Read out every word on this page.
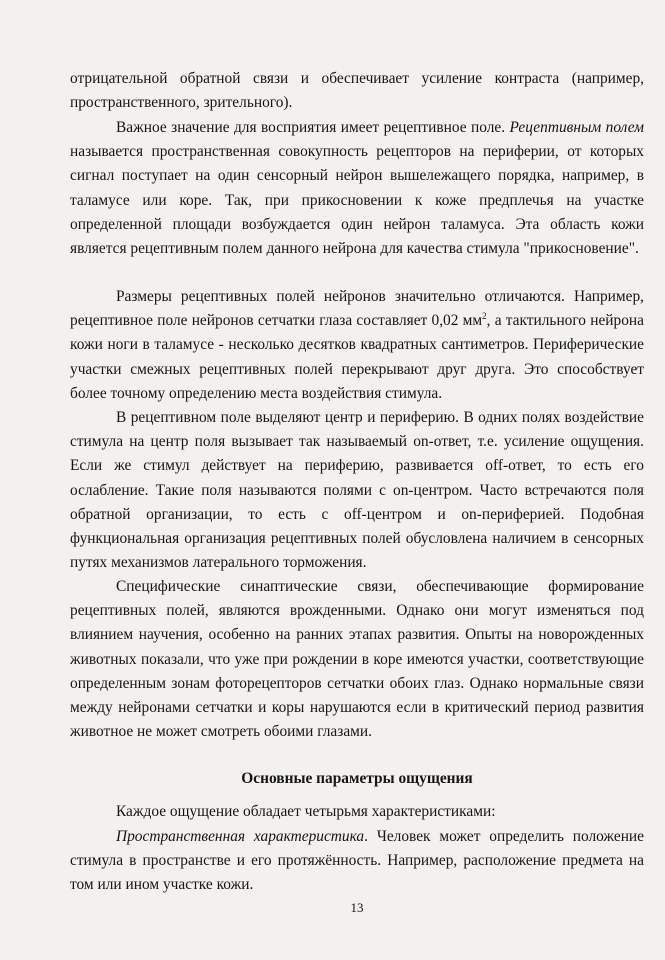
отрицательной обратной связи и обеспечивает усиление контраста (например, пространственного, зрительного).

Важное значение для восприятия имеет рецептивное поле. Рецептивным полем называется пространственная совокупность рецепторов на периферии, от которых сигнал поступает на один сенсорный нейрон вышележащего порядка, например, в таламусе или коре. Так, при прикосновении к коже предплечья на участке определенной площади возбуждается один нейрон таламуса. Эта область кожи является рецептивным полем данного нейрона для качества стимула "прикосновение".

Размеры рецептивных полей нейронов значительно отличаются. Например, рецептивное поле нейронов сетчатки глаза составляет 0,02 $мм^2$, а тактильного нейрона кожи ноги в таламусе - несколько десятков квадратных сантиметров. Периферические участки смежных рецептивных полей перекрывают друг друга. Это способствует более точному определению места воздействия стимула.

В рецептивном поле выделяют центр и периферию. В одних полях воздействие стимула на центр поля вызывает так называемый on-ответ, т.е. усиление ощущения. Если же стимул действует на периферию, развивается off-ответ, то есть его ослабление. Такие поля называются полями с on-центром. Часто встречаются поля обратной организации, то есть с off-центром и on-периферией. Подобная функциональная организация рецептивных полей обусловлена наличием в сенсорных путях механизмов латерального торможения.

Специфические синаптические связи, обеспечивающие формирование рецептивных полей, являются врожденными. Однако они могут изменяться под влиянием научения, особенно на ранних этапах развития. Опыты на новорожденных животных показали, что уже при рождении в коре имеются участки, соответствующие определенным зонам фоторецепторов сетчатки обоих глаз. Однако нормальные связи между нейронами сетчатки и коры нарушаются если в критический период развития животное не может смотреть обоими глазами.

Основные параметры ощущения

Каждое ощущение обладает четырьмя характеристиками:

Пространственная характеристика. Человек может определить положение стимула в пространстве и его протяжённость. Например, расположение предмета на том или ином участке кожи.

13
